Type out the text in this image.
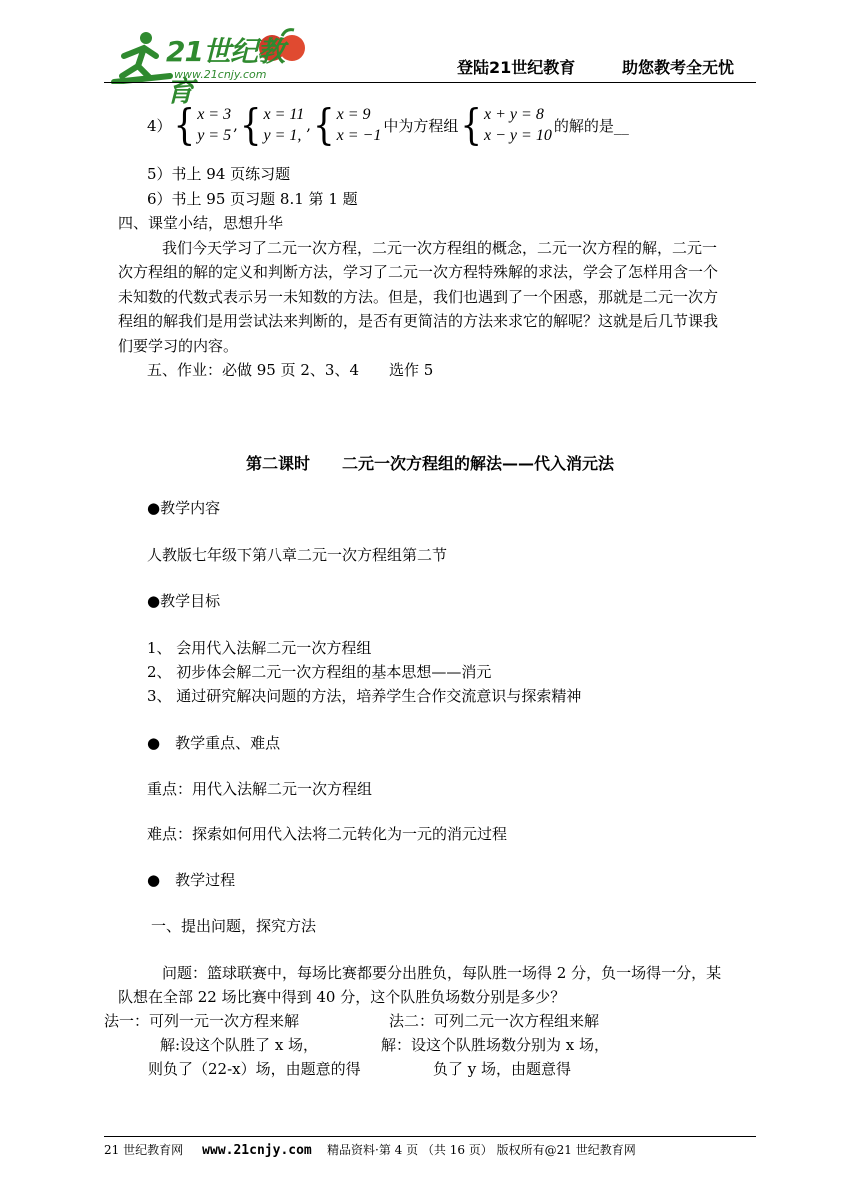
21世纪教育
www.21cnjy.com	登陆21世纪教育	助您教考全无忧
4） { x = 3
y = 5
, { x = 11
y = 1,
, { x = 9
x = −1
中为方程组 { x + y = 8
x − y = 10
的解的是__
5）书上 94 页练习题
6）书上 95 页习题 8.1 第 1 题
四、课堂小结，思想升华
我们今天学习了二元一次方程，二元一次方程组的概念，二元一次方程的解，二元一
次方程组的解的定义和判断方法，学习了二元一次方程特殊解的求法，学会了怎样用含一个
未知数的代数式表示另一未知数的方法。但是，我们也遇到了一个困惑，那就是二元一次方
程组的解我们是用尝试法来判断的，是否有更简洁的方法来求它的解呢？这就是后几节课我
们要学习的内容。
五、作业：必做 95 页 2、3、4　　选作 5
第二课时　　二元一次方程组的解法——代入消元法
●教学内容
人教版七年级下第八章二元一次方程组第二节
●教学目标
1、 会用代入法解二元一次方程组
2、 初步体会解二元一次方程组的基本思想——消元
3、 通过研究解决问题的方法，培养学生合作交流意识与探索精神
●　教学重点、难点
重点：用代入法解二元一次方程组
难点：探索如何用代入法将二元转化为一元的消元过程
●　教学过程
一、提出问题，探究方法
问题：篮球联赛中，每场比赛都要分出胜负，每队胜一场得 2 分，负一场得一分，某
队想在全部 22 场比赛中得到 40 分，这个队胜负场数分别是多少？
法一：可列一元一次方程来解	法二：可列二元一次方程组来解
解:设这个队胜了 x 场，	解：设这个队胜场数分别为 x 场，
则负了（22-x）场，由题意的得	负了 y 场，由题意得
21 世纪教育网 www.21cnjy.com 精品资料·第 4 页 （共 16 页） 版权所有@21 世纪教育网
